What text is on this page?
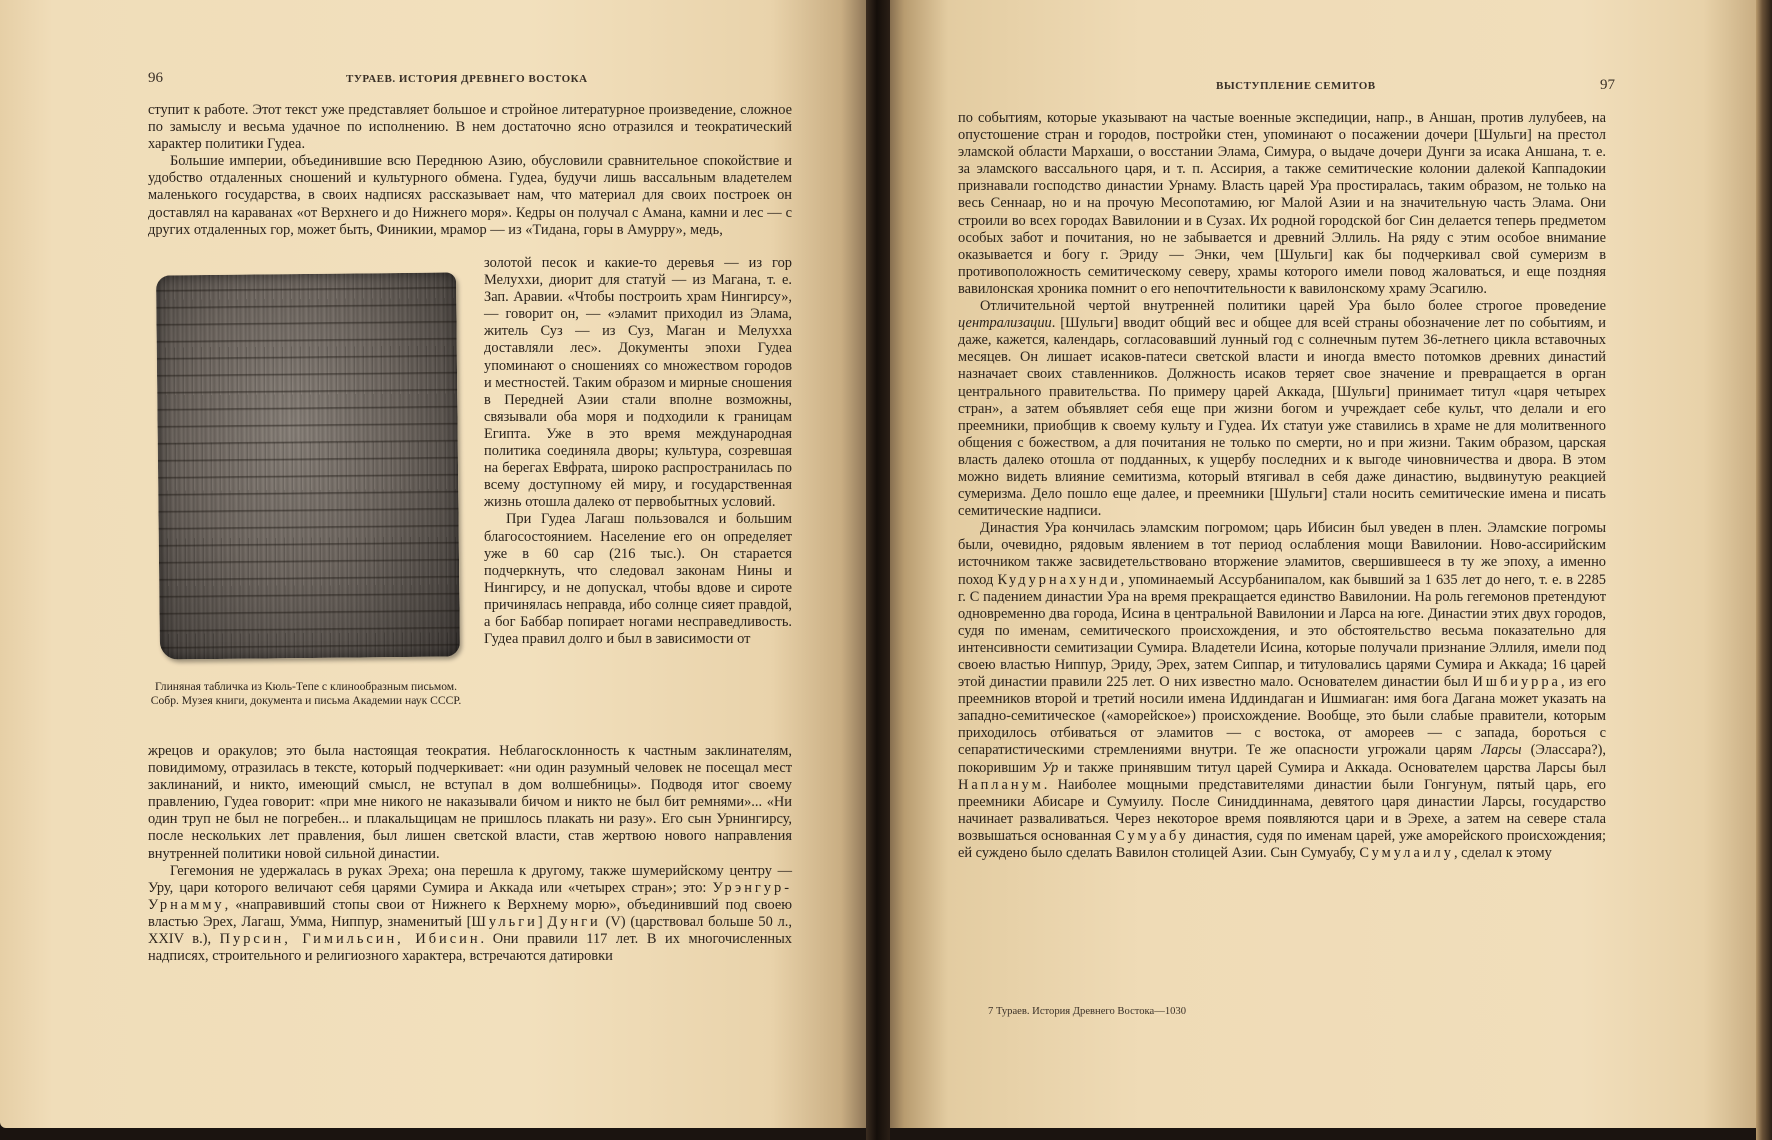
96	ТУРАЕВ. ИСТОРИЯ ДРЕВНЕГО ВОСТОКА

ступит к работе. Этот текст уже представляет большое и стройное литературное произведение, сложное по замыслу и весьма удачное по исполнению. В нем достаточно ясно отразился и теократический характер политики Гудеа.

Большие империи, объединившие всю Переднюю Азию, обусловили сравнительное спокойствие и удобство отдаленных сношений и культурного обмена. Гудеа, будучи лишь вассальным владетелем маленького государства, в своих надписях рассказывает нам, что материал для своих построек он доставлял на караванах «от Верхнего и до Нижнего моря». Кедры он получал с Амана, камни и лес — с других отдаленных гор, может быть, Финикии, мрамор — из «Тидана, горы в Амурру», медь,

Глиняная табличка из Кюль-Тепе с клинообразным письмом. Собр. Музея книги, документа и письма Академии наук СССР.

золотой песок и какие-то деревья — из гор Мелуххи, диорит для статуй — из Магана, т. е. Зап. Аравии. «Чтобы построить храм Нингирсу», — говорит он, — «эламит приходил из Элама, житель Суз — из Суз, Маган и Мелухха доставляли лес». Документы эпохи Гудеа упоминают о сношениях со множеством городов и местностей. Таким образом и мирные сношения в Передней Азии стали вполне возможны, связывали оба моря и подходили к границам Египта. Уже в это время международная политика соединяла дворы; культура, созревшая на берегах Евфрата, широко распространилась по всему доступному ей миру, и государственная жизнь отошла далеко от первобытных условий.

При Гудеа Лагаш пользовался и большим благосостоянием. Население его он определяет уже в 60 сар (216 тыс.). Он старается подчеркнуть, что следовал законам Нины и Нингирсу, и не допускал, чтобы вдове и сироте причинялась неправда, ибо солнце сияет правдой, а бог Баббар попирает ногами несправедливость. Гудеа правил долго и был в зависимости от

жрецов и оракулов; это была настоящая теократия. Неблагосклонность к частным заклинателям, повидимому, отразилась в тексте, который подчеркивает: «ни один разумный человек не посещал мест заклинаний, и никто, имеющий смысл, не вступал в дом волшебницы». Подводя итог своему правлению, Гудеа говорит: «при мне никого не наказывали бичом и никто не был бит ремнями»... «Ни один труп не был не погребен... и плакальщицам не пришлось плакать ни разу». Его сын Урнингирсу, после нескольких лет правления, был лишен светской власти, став жертвою нового направления внутренней политики новой сильной династии.

Гегемония не удержалась в руках Эреха; она перешла к другому, также шумерийскому центру — Уру, цари которого величают себя царями Сумира и Аккада или «четырех стран»; это: Урэнгур-Урнамму, «направивший стопы свои от Нижнего к Верхнему морю», объединивший под своею властью Эрех, Лагаш, Умма, Ниппур, знаменитый [Шульги] Дунги (V) (царствовал больше 50 л., XXIV в.), Пурсин, Гимильсин, Ибисин. Они правили 117 лет. В их многочисленных надписях, строительного и религиозного характера, встречаются датировки

ВЫСТУПЛЕНИЕ СЕМИТОВ	97

по событиям, которые указывают на частые военные экспедиции, напр., в Аншан, против лулубеев, на опустошение стран и городов, постройки стен, упоминают о посажении дочери [Шульги] на престол эламской области Мархаши, о восстании Элама, Симура, о выдаче дочери Дунги за исака Аншана, т. е. за эламского вассального царя, и т. п. Ассирия, а также семитические колонии далекой Каппадокии признавали господство династии Урнаму. Власть царей Ура простиралась, таким образом, не только на весь Сеннаар, но и на прочую Месопотамию, юг Малой Азии и на значительную часть Элама. Они строили во всех городах Вавилонии и в Сузах. Их родной городской бог Син делается теперь предметом особых забот и почитания, но не забывается и древний Эллиль. На ряду с этим особое внимание оказывается и богу г. Эриду — Энки, чем [Шульги] как бы подчеркивал свой сумеризм в противоположность семитическому северу, храмы которого имели повод жаловаться, и еще поздняя вавилонская хроника помнит о его непочтительности к вавилонскому храму Эсагилю.

Отличительной чертой внутренней политики царей Ура было более строгое проведение централизации. [Шульги] вводит общий вес и общее для всей страны обозначение лет по событиям, и даже, кажется, календарь, согласовавший лунный год с солнечным путем 36-летнего цикла вставочных месяцев. Он лишает исаков-патеси светской власти и иногда вместо потомков древних династий назначает своих ставленников. Должность исаков теряет свое значение и превращается в орган центрального правительства. По примеру царей Аккада, [Шульги] принимает титул «царя четырех стран», а затем объявляет себя еще при жизни богом и учреждает себе культ, что делали и его преемники, приобщив к своему культу и Гудеа. Их статуи уже ставились в храме не для молитвенного общения с божеством, а для почитания не только по смерти, но и при жизни. Таким образом, царская власть далеко отошла от подданных, к ущербу последних и к выгоде чиновничества и двора. В этом можно видеть влияние семитизма, который втягивал в себя даже династию, выдвинутую реакцией сумеризма. Дело пошло еще далее, и преемники [Шульги] стали носить семитические имена и писать семитические надписи.

Династия Ура кончилась эламским погромом; царь Ибисин был уведен в плен. Эламские погромы были, очевидно, рядовым явлением в тот период ослабления мощи Вавилонии. Ново-ассирийским источником также засвидетельствовано вторжение эламитов, свершившееся в ту же эпоху, а именно поход Кудурнахунди, упоминаемый Ассурбанипалом, как бывший за 1 635 лет до него, т. е. в 2285 г. С падением династии Ура на время прекращается единство Вавилонии. На роль гегемонов претендуют одновременно два города, Исина в центральной Вавилонии и Ларса на юге. Династии этих двух городов, судя по именам, семитического происхождения, и это обстоятельство весьма показательно для интенсивности семитизации Сумира. Владетели Исина, которые получали признание Эллиля, имели под своею властью Ниппур, Эриду, Эрех, затем Сиппар, и титуловались царями Сумира и Аккада; 16 царей этой династии правили 225 лет. О них известно мало. Основателем династии был Ишбиурра, из его преемников второй и третий носили имена Иддиндаган и Ишмиаган: имя бога Дагана может указать на западно-семитическое («аморейское») происхождение. Вообще, это были слабые правители, которым приходилось отбиваться от эламитов — с востока, от амореев — с запада, бороться с сепаратистическими стремлениями внутри. Те же опасности угрожали царям Ларсы (Элассара?), покорившим Ур и также принявшим титул царей Сумира и Аккада. Основателем царства Ларсы был Напланум. Наиболее мощными представителями династии были Гонгунум, пятый царь, его преемники Абисаре и Сумуилу. После Синиддиннама, девятого царя династии Ларсы, государство начинает разваливаться. Через некоторое время появляются цари и в Эрехе, а затем на севере стала возвышаться основанная Сумуабу династия, судя по именам царей, уже аморейского происхождения; ей суждено было сделать Вавилон столицей Азии. Сын Сумуабу, Сумулаилу, сделал к этому

7 Тураев. История Древнего Востока—1030
